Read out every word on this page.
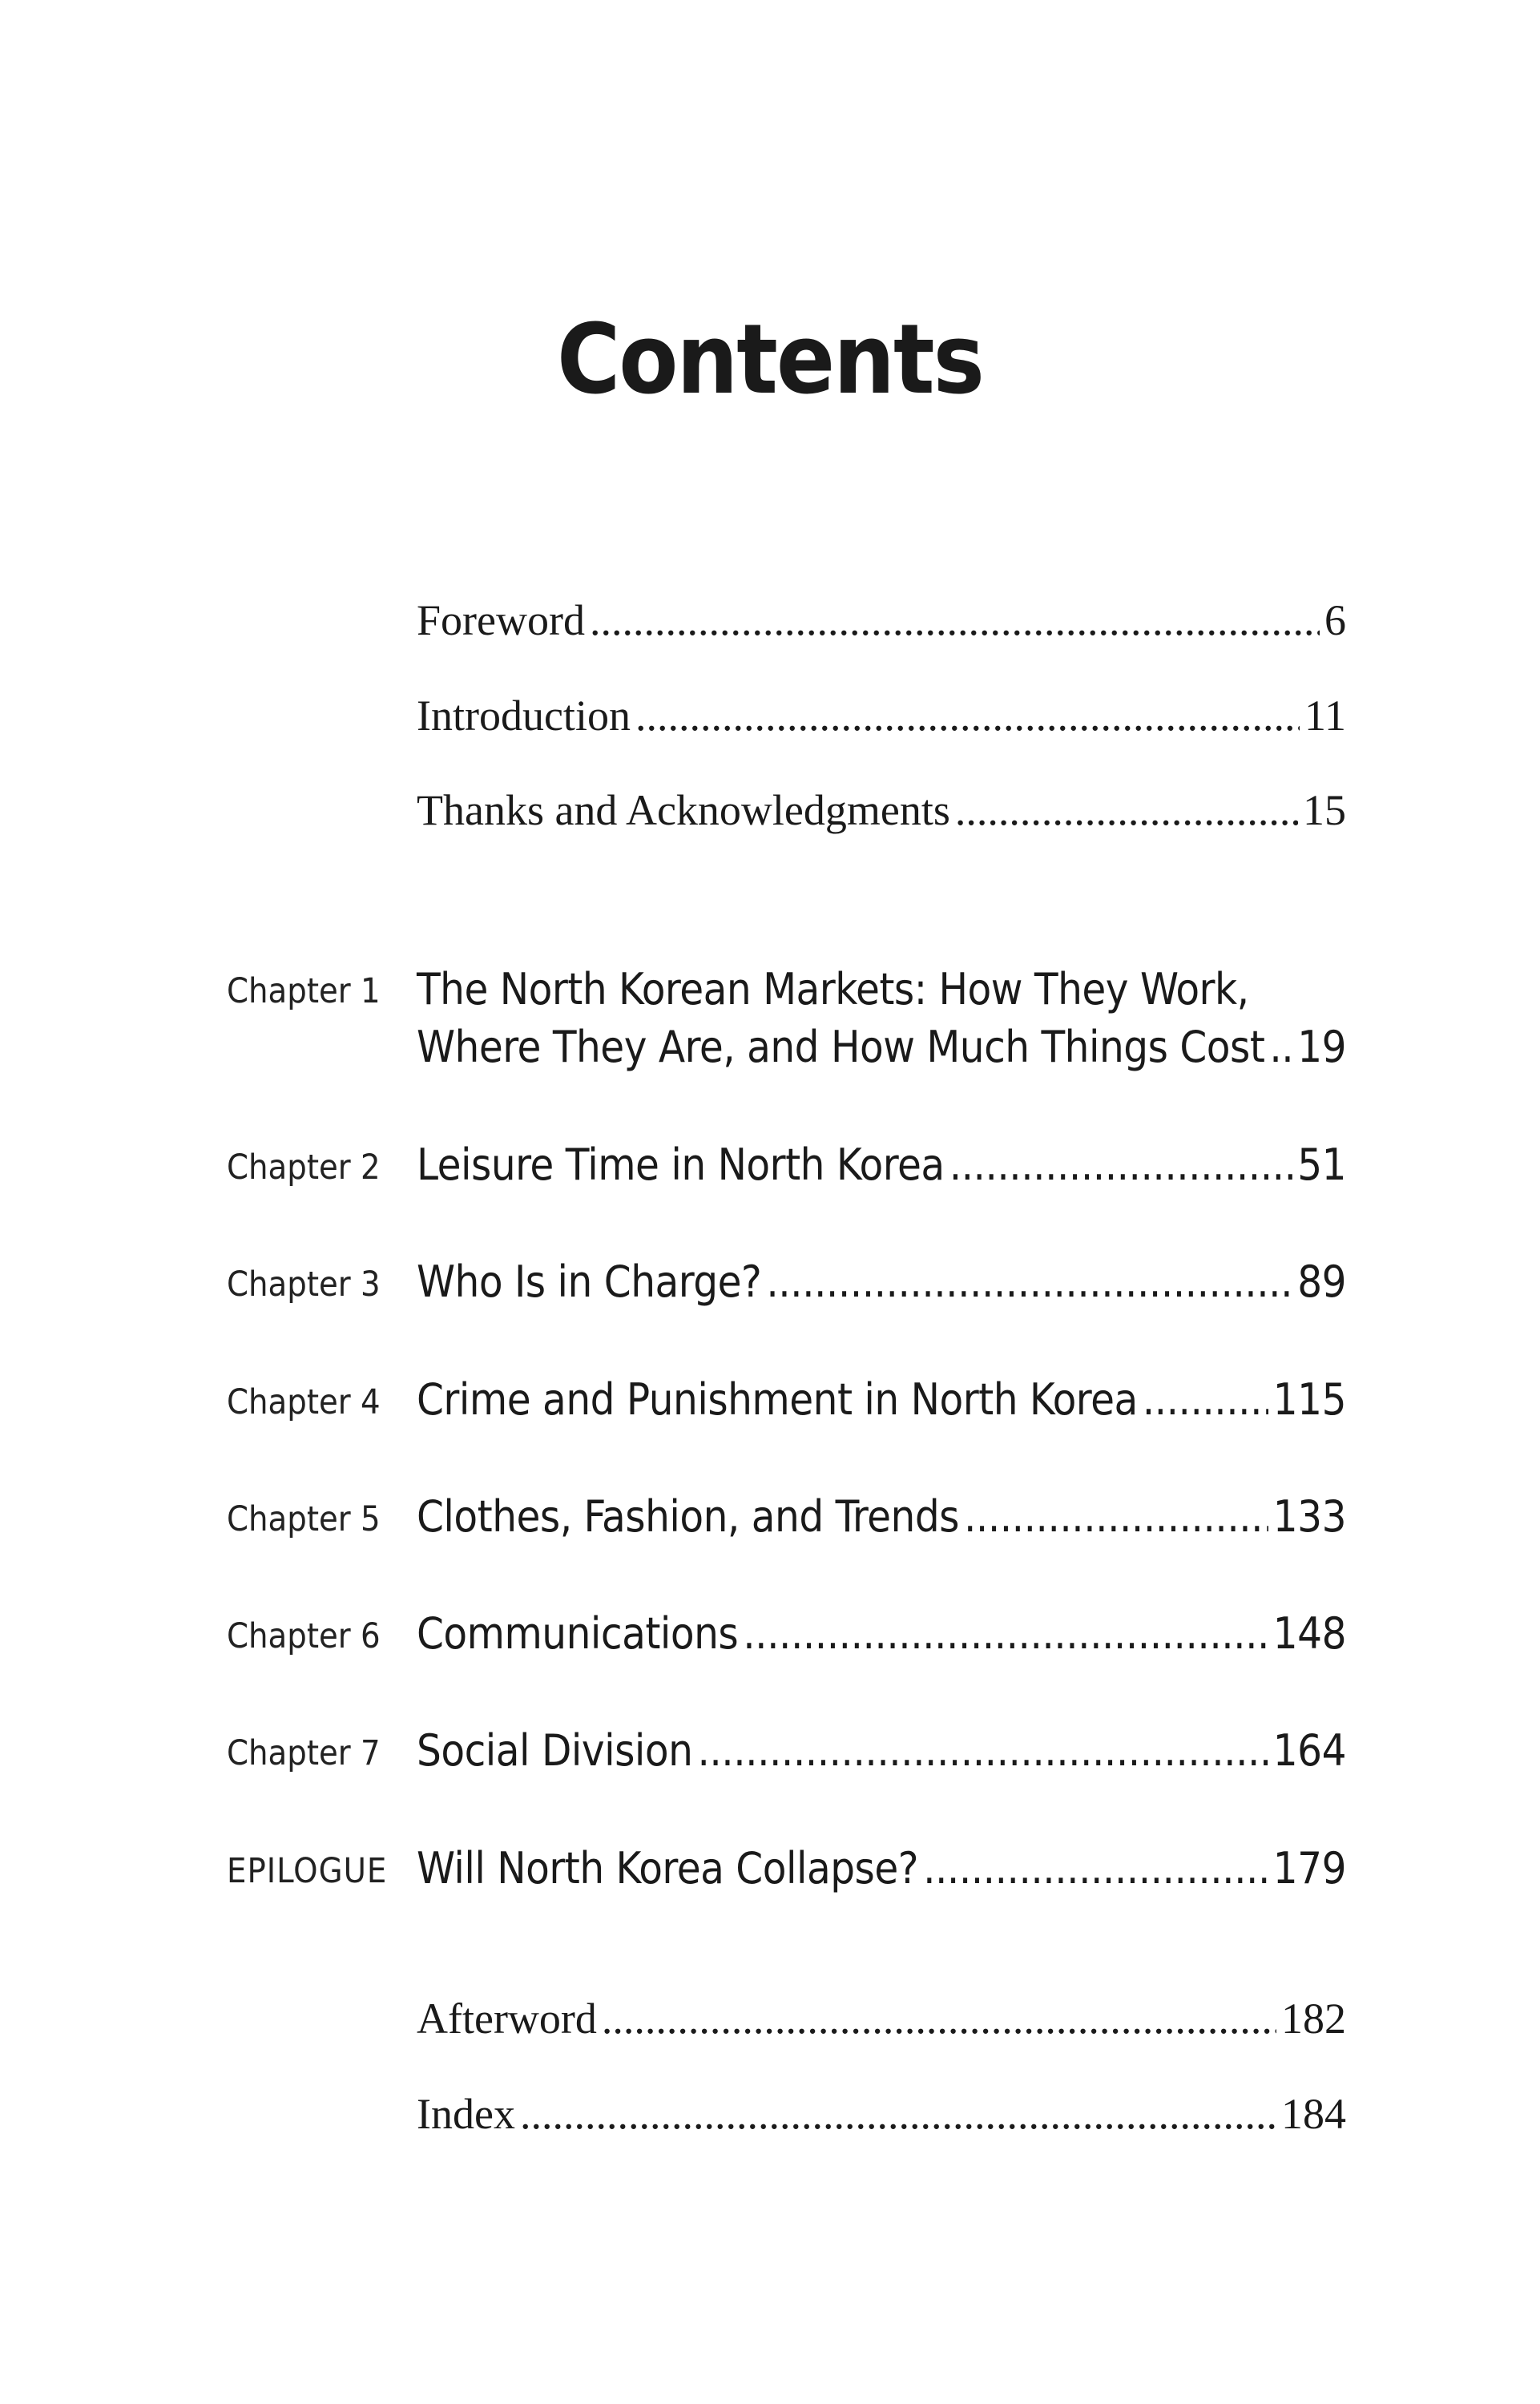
Contents
Foreword .....	6
Introduction .....	11
Thanks and Acknowledgments .....	15
Chapter 1 The North Korean Markets: How They Work,
Where They Are, and How Much Things Cost ..... 19
Chapter 2 Leisure Time in North Korea .....	51
Chapter 3 Who Is in Charge? .....	89
Chapter 4 Crime and Punishment in North Korea .....	115
Chapter 5 Clothes, Fashion, and Trends .....	133
Chapter 6 Communications .....	148
Chapter 7 Social Division .....	164
EPILOGUE Will North Korea Collapse? .....	179
Afterword .....	182
Index .....	184
